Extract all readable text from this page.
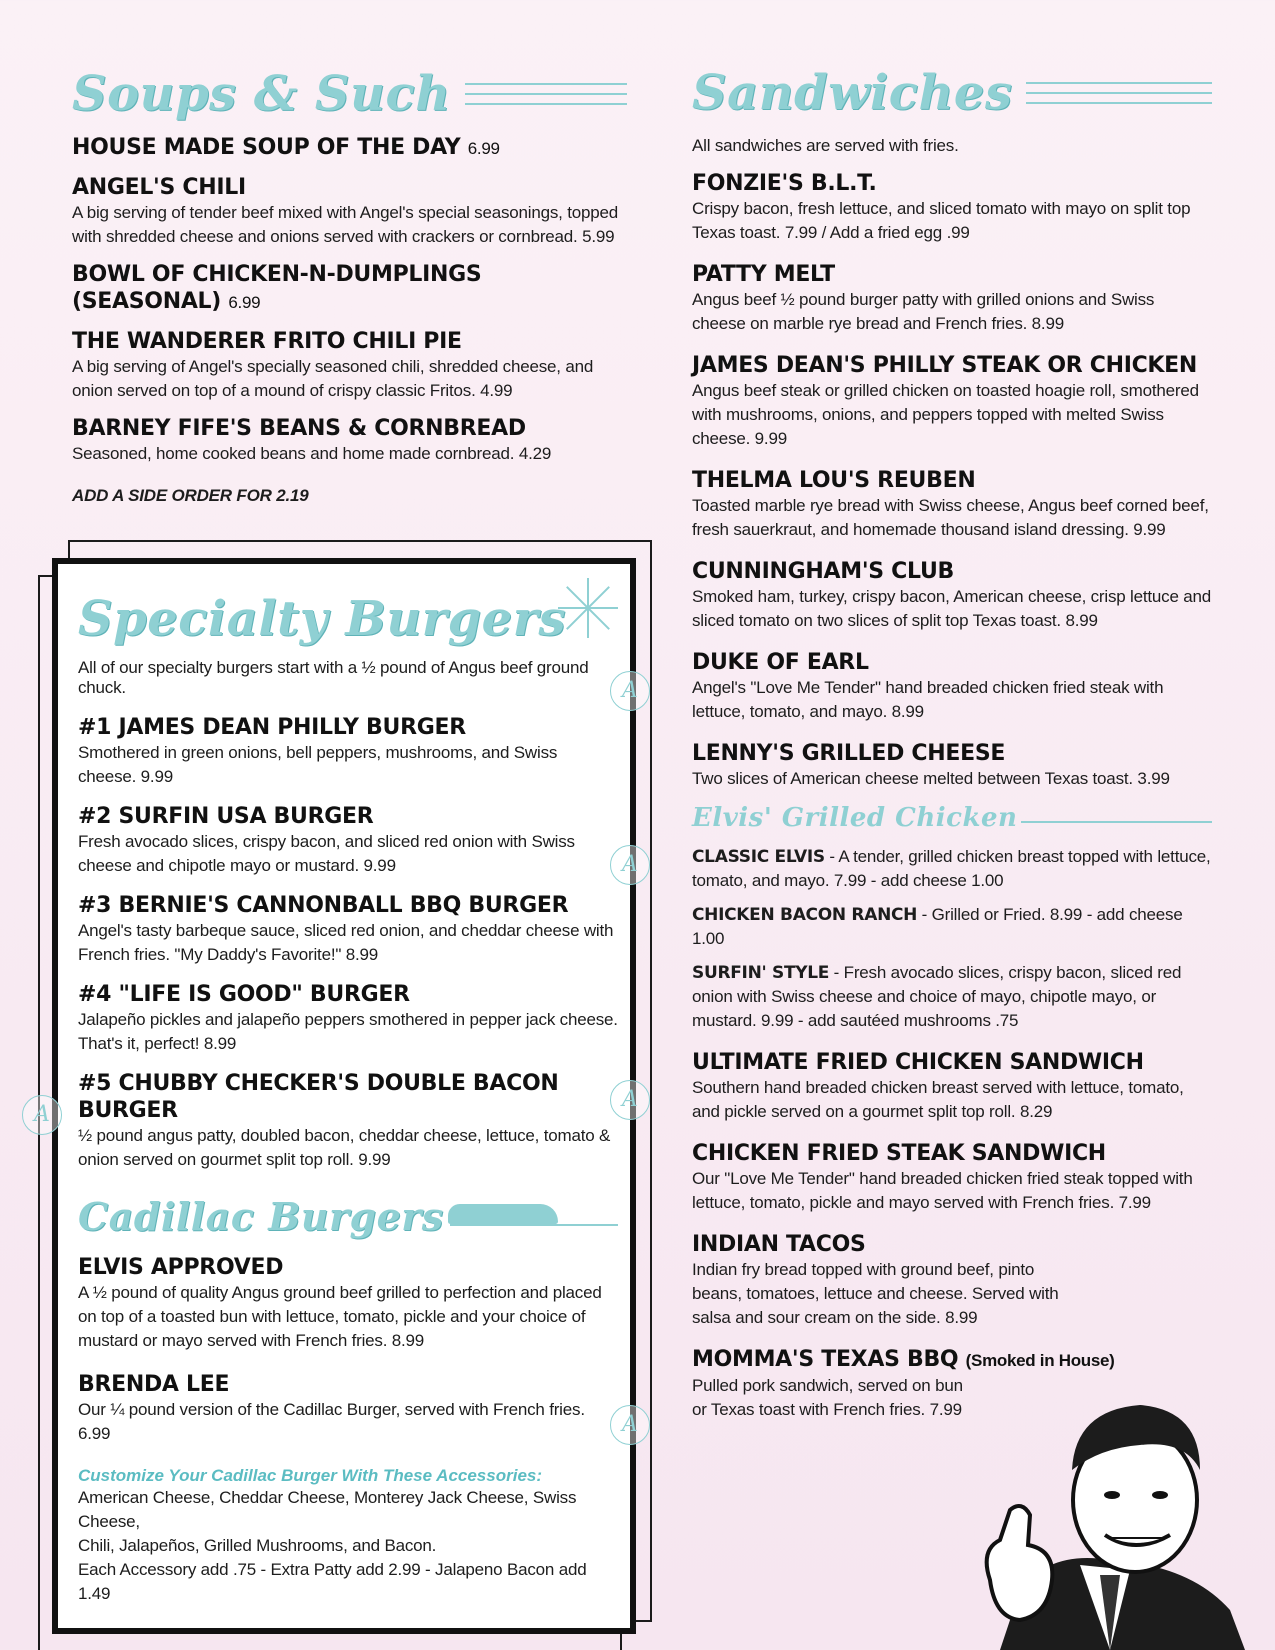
Soups & Such
HOUSE MADE SOUP OF THE DAY 6.99
ANGEL'S CHILI
A big serving of tender beef mixed with Angel's special seasonings, topped with shredded cheese and onions served with crackers or cornbread. 5.99
BOWL OF CHICKEN-N-DUMPLINGS (SEASONAL) 6.99
THE WANDERER FRITO CHILI PIE
A big serving of Angel's specially seasoned chili, shredded cheese, and onion served on top of a mound of crispy classic Fritos. 4.99
BARNEY FIFE'S BEANS & CORNBREAD
Seasoned, home cooked beans and home made cornbread. 4.29
ADD A SIDE ORDER FOR 2.19
Specialty Burgers
All of our specialty burgers start with a ½ pound of Angus beef ground chuck.
#1 JAMES DEAN PHILLY BURGER
Smothered in green onions, bell peppers, mushrooms, and Swiss cheese. 9.99
#2 SURFIN USA BURGER
Fresh avocado slices, crispy bacon, and sliced red onion with Swiss cheese and chipotle mayo or mustard. 9.99
#3 BERNIE'S CANNONBALL BBQ BURGER
Angel's tasty barbeque sauce, sliced red onion, and cheddar cheese with French fries. "My Daddy's Favorite!" 8.99
#4 "LIFE IS GOOD" BURGER
Jalapeño pickles and jalapeño peppers smothered in pepper jack cheese. That's it, perfect! 8.99
#5 CHUBBY CHECKER'S DOUBLE BACON BURGER
½ pound angus patty, doubled bacon, cheddar cheese, lettuce, tomato & onion served on gourmet split top roll. 9.99
Cadillac Burgers
ELVIS APPROVED
A ½ pound of quality Angus ground beef grilled to perfection and placed on top of a toasted bun with lettuce, tomato, pickle and your choice of mustard or mayo served with French fries. 8.99
BRENDA LEE
Our ¼ pound version of the Cadillac Burger, served with French fries. 6.99
Customize Your Cadillac Burger With These Accessories:
American Cheese, Cheddar Cheese, Monterey Jack Cheese, Swiss Cheese,
Chili, Jalapeños, Grilled Mushrooms, and Bacon.
Each Accessory add .75 - Extra Patty add 2.99 - Jalapeno Bacon add 1.49
Sandwiches
All sandwiches are served with fries.
FONZIE'S B.L.T.
Crispy bacon, fresh lettuce, and sliced tomato with mayo on split top Texas toast. 7.99 / Add a fried egg .99
PATTY MELT
Angus beef ½ pound burger patty with grilled onions and Swiss cheese on marble rye bread and French fries. 8.99
JAMES DEAN'S PHILLY STEAK OR CHICKEN
Angus beef steak or grilled chicken on toasted hoagie roll, smothered with mushrooms, onions, and peppers topped with melted Swiss cheese. 9.99
THELMA LOU'S REUBEN
Toasted marble rye bread with Swiss cheese, Angus beef corned beef, fresh sauerkraut, and homemade thousand island dressing. 9.99
CUNNINGHAM'S CLUB
Smoked ham, turkey, crispy bacon, American cheese, crisp lettuce and sliced tomato on two slices of split top Texas toast. 8.99
DUKE OF EARL
Angel's "Love Me Tender" hand breaded chicken fried steak with lettuce, tomato, and mayo. 8.99
LENNY'S GRILLED CHEESE
Two slices of American cheese melted between Texas toast. 3.99
Elvis' Grilled Chicken
CLASSIC ELVIS - A tender, grilled chicken breast topped with lettuce, tomato, and mayo. 7.99 - add cheese 1.00
CHICKEN BACON RANCH - Grilled or Fried. 8.99 - add cheese 1.00
SURFIN' STYLE - Fresh avocado slices, crispy bacon, sliced red onion with Swiss cheese and choice of mayo, chipotle mayo, or mustard. 9.99 - add sautéed mushrooms .75
ULTIMATE FRIED CHICKEN SANDWICH
Southern hand breaded chicken breast served with lettuce, tomato, and pickle served on a gourmet split top roll. 8.29
CHICKEN FRIED STEAK SANDWICH
Our "Love Me Tender" hand breaded chicken fried steak topped with lettuce, tomato, pickle and mayo served with French fries. 7.99
INDIAN TACOS
Indian fry bread topped with ground beef, pinto beans, tomatoes, lettuce and cheese. Served with salsa and sour cream on the side. 8.99
MOMMA'S TEXAS BBQ (Smoked in House)
Pulled pork sandwich, served on bun or Texas toast with French fries. 7.99
A
A
A
A
A
